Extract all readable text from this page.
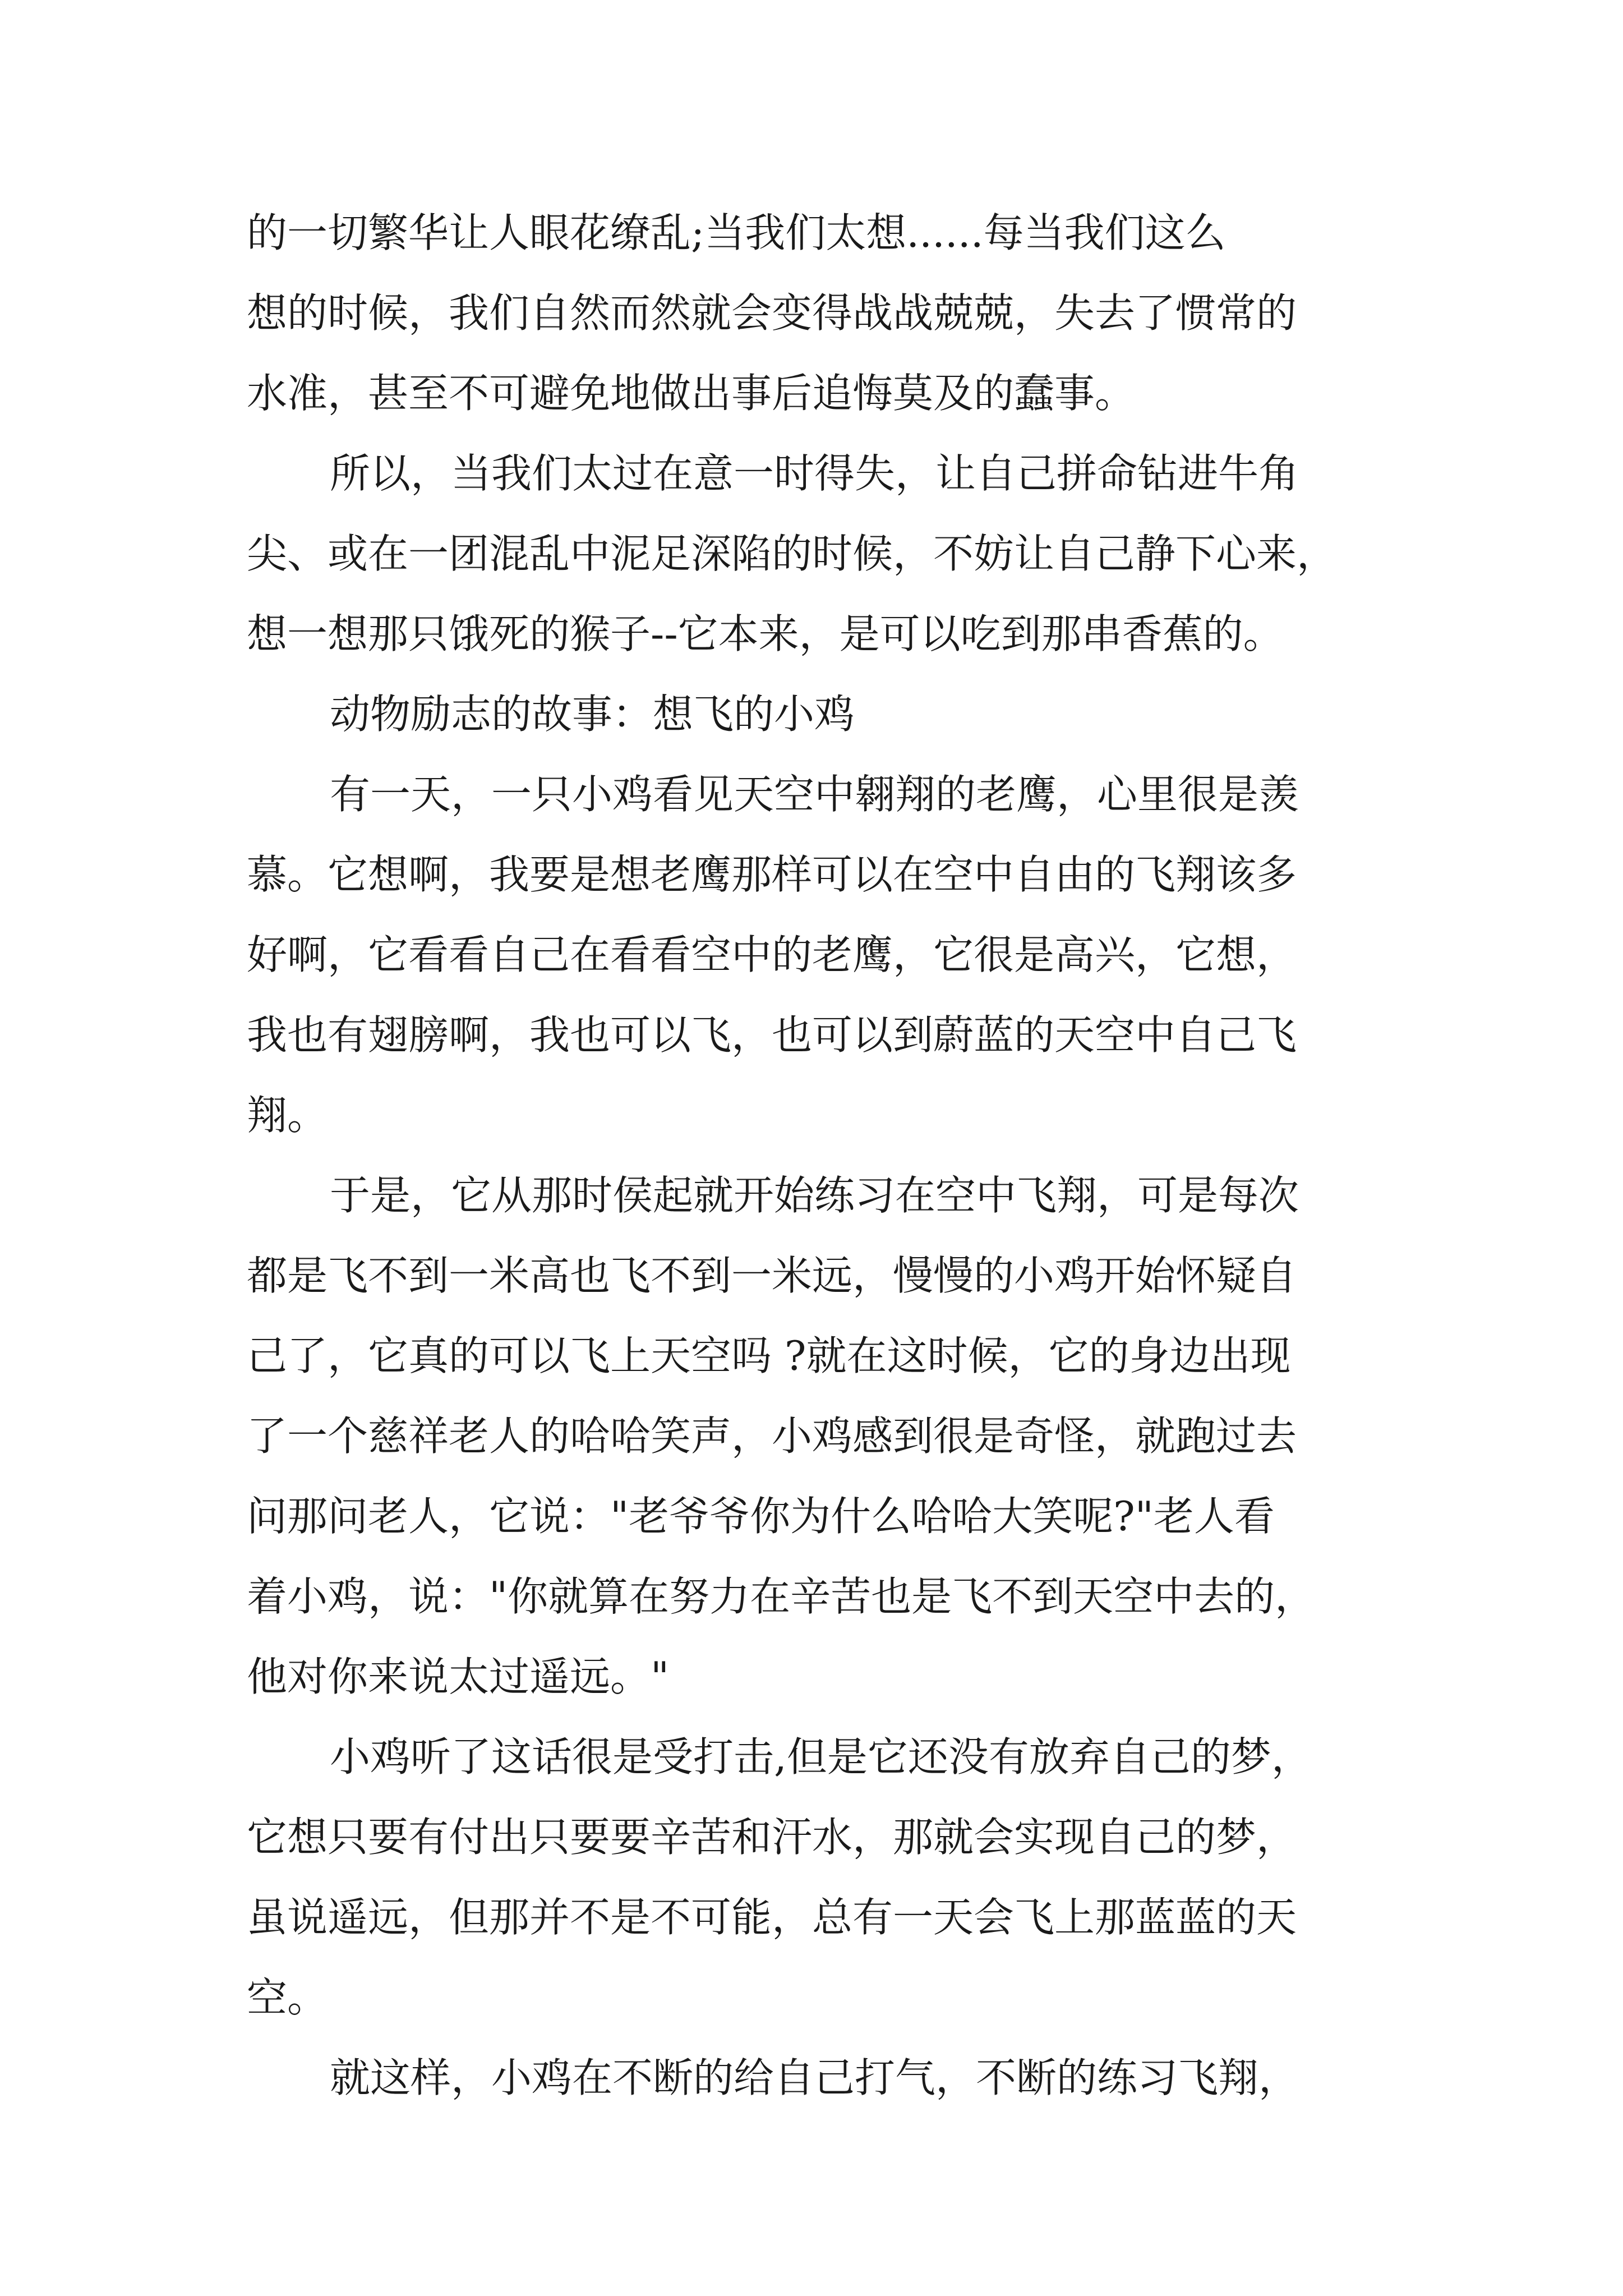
的一切繁华让人眼花缭乱;当我们太想......每当我们这么
想的时候，我们自然而然就会变得战战兢兢，失去了惯常的
水准，甚至不可避免地做出事后追悔莫及的蠢事。
所以，当我们太过在意一时得失，让自己拼命钻进牛角
尖、或在一团混乱中泥足深陷的时候，不妨让自己静下心来，
想一想那只饿死的猴子--它本来，是可以吃到那串香蕉的。
动物励志的故事：想飞的小鸡
有一天，一只小鸡看见天空中翱翔的老鹰，心里很是羡
慕。它想啊，我要是想老鹰那样可以在空中自由的飞翔该多
好啊，它看看自己在看看空中的老鹰，它很是高兴，它想，
我也有翅膀啊，我也可以飞，也可以到蔚蓝的天空中自己飞
翔。
于是，它从那时侯起就开始练习在空中飞翔，可是每次
都是飞不到一米高也飞不到一米远，慢慢的小鸡开始怀疑自
己了，它真的可以飞上天空吗 ?就在这时候，它的身边出现
了一个慈祥老人的哈哈笑声，小鸡感到很是奇怪，就跑过去
问那问老人，它说："老爷爷你为什么哈哈大笑呢?"老人看
着小鸡，说："你就算在努力在辛苦也是飞不到天空中去的，
他对你来说太过遥远。"
小鸡听了这话很是受打击,但是它还没有放弃自己的梦，
它想只要有付出只要要辛苦和汗水，那就会实现自己的梦，
虽说遥远，但那并不是不可能，总有一天会飞上那蓝蓝的天
空。
就这样，小鸡在不断的给自己打气，不断的练习飞翔，
